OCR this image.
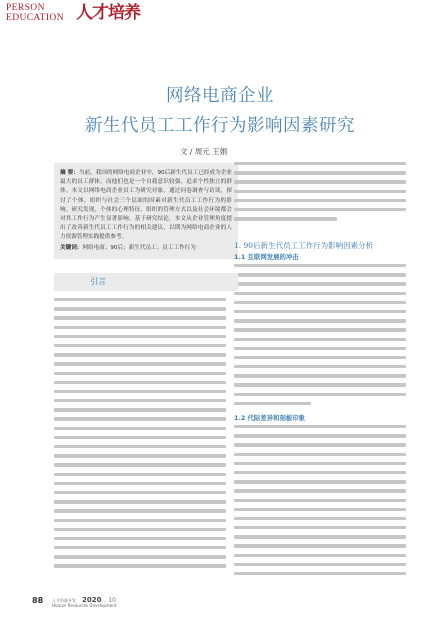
PERSON
EDUCATION 人才培养
网络电商企业
新生代员工工作行为影响因素研究
文 / 周元 王娟
摘 要：当前，我国的网络电商企业中，90后新生代员工已经成为企业最大的员工群体，而他们也是一个自我意识较强、追求个性独立的群体。本文以网络电商企业员工为研究对象，通过问卷调查与访谈，探讨了个体、组织与社会三个层面的因素对新生代员工工作行为的影响。研究发现，个体的心理特征、组织的管理方式以及社会环境都会对其工作行为产生显著影响。基于研究结论，本文从企业管理角度提出了改善新生代员工工作行为的相关建议，以期为网络电商企业的人力资源管理实践提供参考。
关键词：网络电商；90后；新生代员工；员工工作行为	1. 90后新生代员工工作行为影响因素分析
1.1 互联网发展的冲击
1.2 代际差异和刻板印象
引言
88 人才资源开发
Human Resources Development
2020 . 10
